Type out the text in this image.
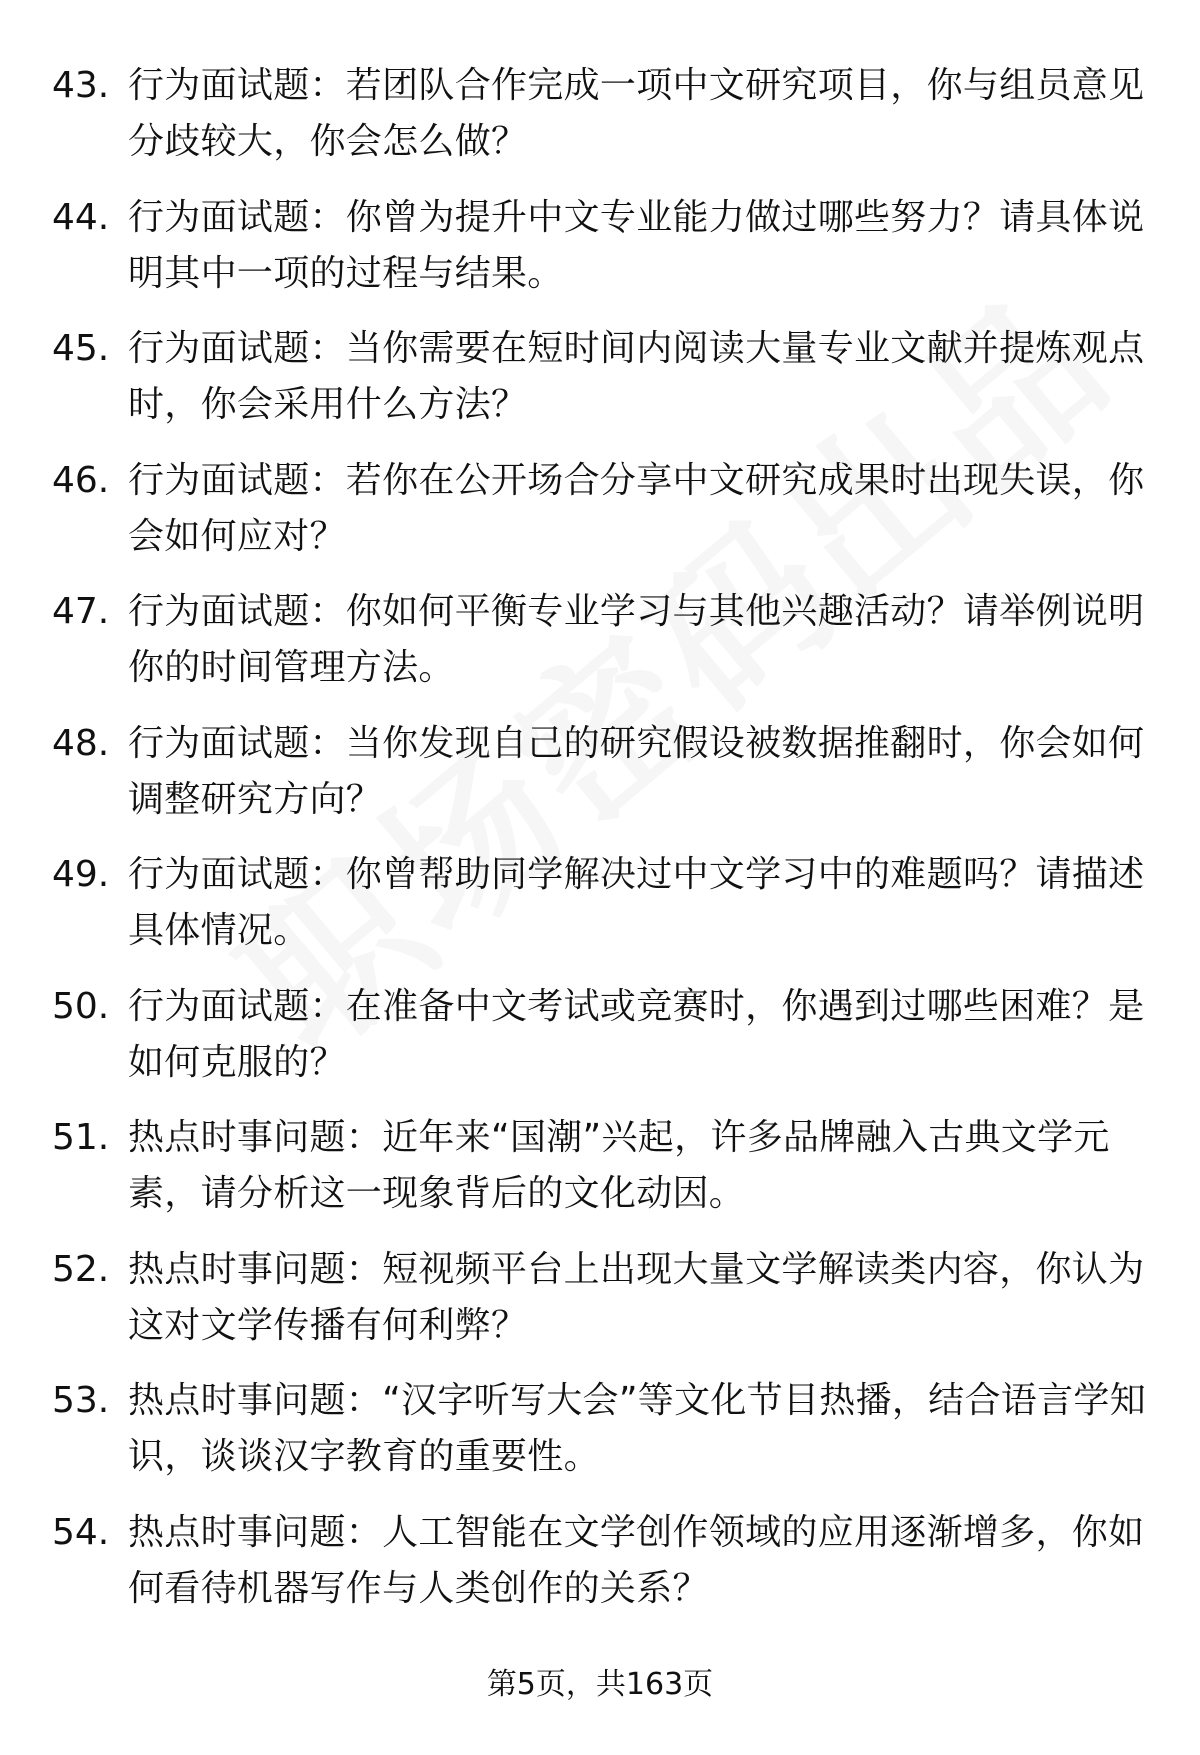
43. 行为面试题：若团队合作完成一项中文研究项目，你与组员意见分歧较大，你会怎么做？
44. 行为面试题：你曾为提升中文专业能力做过哪些努力？请具体说明其中一项的过程与结果。
45. 行为面试题：当你需要在短时间内阅读大量专业文献并提炼观点时，你会采用什么方法？
46. 行为面试题：若你在公开场合分享中文研究成果时出现失误，你会如何应对？
47. 行为面试题：你如何平衡专业学习与其他兴趣活动？请举例说明你的时间管理方法。
48. 行为面试题：当你发现自己的研究假设被数据推翻时，你会如何调整研究方向？
49. 行为面试题：你曾帮助同学解决过中文学习中的难题吗？请描述具体情况。
50. 行为面试题：在准备中文考试或竞赛时，你遇到过哪些困难？是如何克服的？
51. 热点时事问题：近年来“国潮”兴起，许多品牌融入古典文学元素，请分析这一现象背后的文化动因。
52. 热点时事问题：短视频平台上出现大量文学解读类内容，你认为这对文学传播有何利弊？
53. 热点时事问题：“汉字听写大会”等文化节目热播，结合语言学知识，谈谈汉字教育的重要性。
54. 热点时事问题：人工智能在文学创作领域的应用逐渐增多，你如何看待机器写作与人类创作的关系？
第5页，共163页
